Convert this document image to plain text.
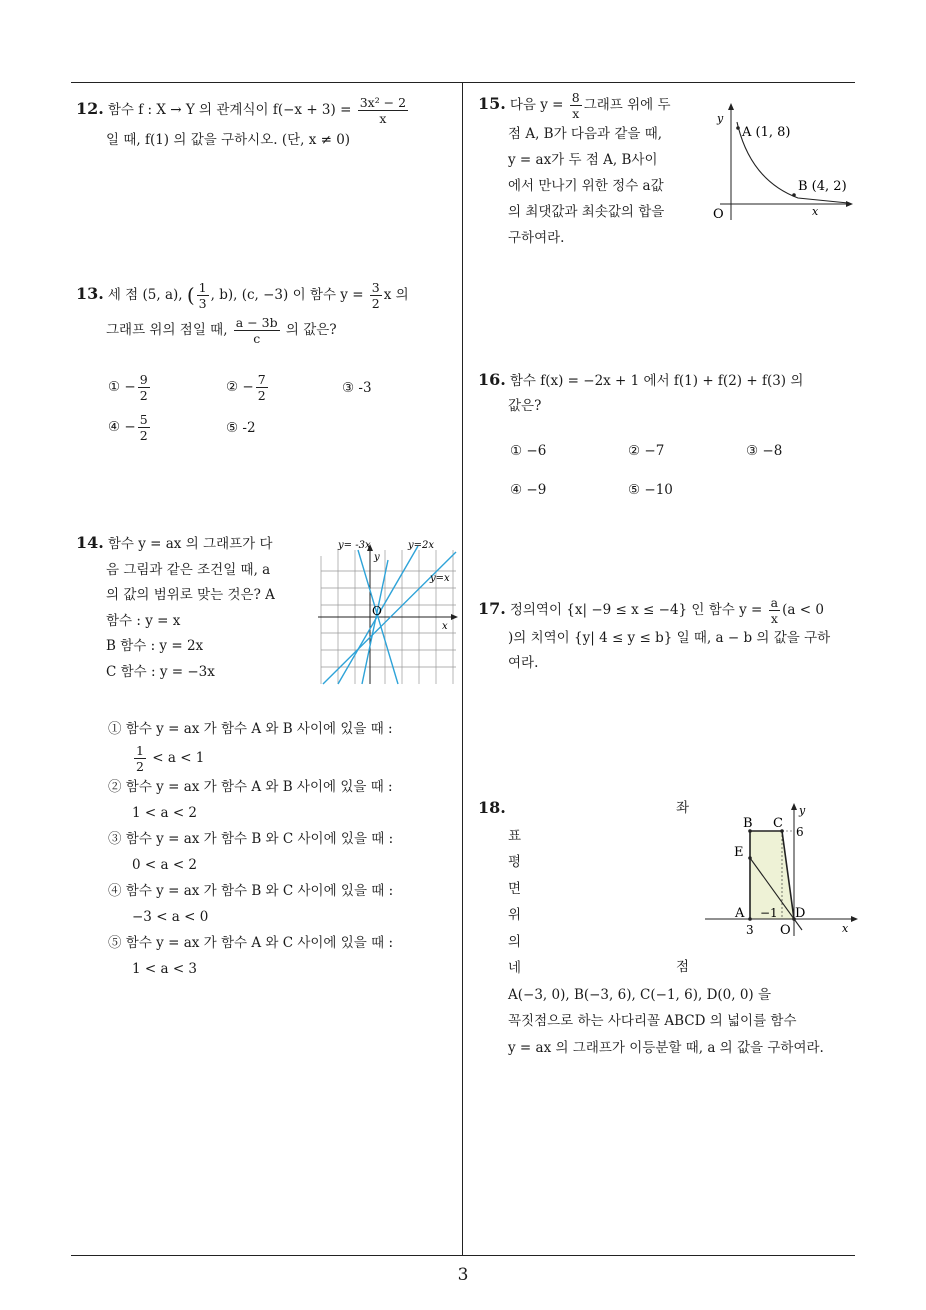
12. 함수 f : X → Y 의 관계식이 $f(-x + 3) = \frac{\text{3x² − 2}}{x}$
일 때, f(1) 의 값을 구하시오. (단, x ≠ 0)
13. 세 점 (5, a), ( $\frac{1}{3}$ , b), (c, −3) 이 함수 $y = \frac{3}{2}$ x 의
그래프 위의 점일 때, $\frac{a - 3b}{c}$ 의 값은?
① − $\frac{9}{2}$	② − $\frac{7}{2}$	③ -3
④ − $\frac{5}{2}$	⑤ -2
14. 함수 y = ax 의 그래프가 다
음 그림과 같은 조건일 때, a
의 값의 범위로 맞는 것은? A
함수 : y = x
B 함수 : y = 2x
C 함수 : y = −3x
y= -3x	y=2x
y=x
y
O
x
① 함수 y = ax 가 함수 A 와 B 사이에 있을 때 :
$\frac{1}{2} < a < 1$
② 함수 y = ax 가 함수 A 와 B 사이에 있을 때 :
1 < a < 2
③ 함수 y = ax 가 함수 B 와 C 사이에 있을 때 :
0 < a < 2
④ 함수 y = ax 가 함수 B 와 C 사이에 있을 때 :
−3 < a < 0
⑤ 함수 y = ax 가 함수 A 와 C 사이에 있을 때 :
1 < a < 3
15. 다음 $y = \frac{8}{x}$ 그래프 위에 두
점 A, B가 다음과 같을 때,
y = ax가 두 점 A, B사이
에서 만나기 위한 정수 a값
의 최댓값과 최솟값의 합을
구하여라.
y
A (1, 8)
B (4, 2)
O	x
16. 함수 f(x) = −2x + 1 에서 f(1) + f(2) + f(3) 의
값은?
① −6	② −7	③ −8
④ −9	⑤ −10
17. 정의역이 {x| −9 ≤ x ≤ −4} 인 함수 $y = \frac{a}{x} (a < 0$
)의 치역이 {y| 4 ≤ y ≤ b} 일 때, a − b 의 값을 구하
여라.
18.	좌
표
평
면
위
의
네	점
A(−3, 0), B(−3, 6), C(−1, 6), D(0, 0) 을
꼭짓점으로 하는 사다리꼴 ABCD 의 넓이를 함수
y = ax 의 그래프가 이등분할 때, a 의 값을 구하여라.
B C
E
A	D
y
6
−1
3 O	x
3
